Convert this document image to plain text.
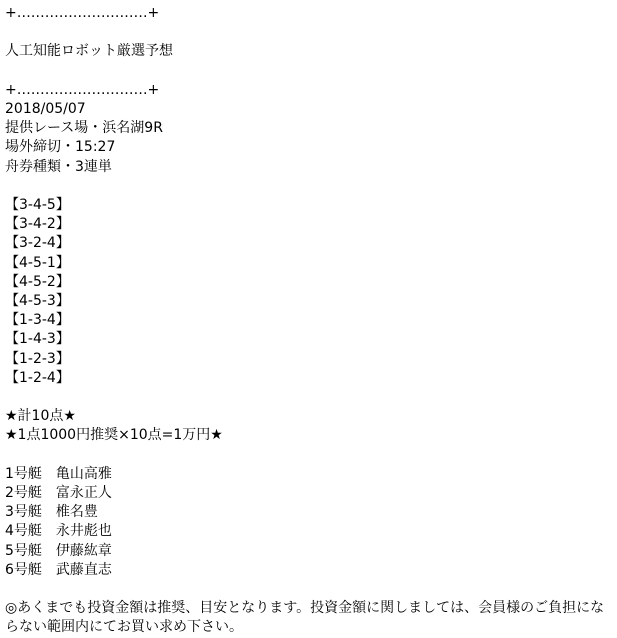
+‥‥‥‥‥‥‥‥‥‥‥‥‥‥+
人工知能ロボット厳選予想
+‥‥‥‥‥‥‥‥‥‥‥‥‥‥+
2018/05/07
提供レース場・浜名湖9R
場外締切・15:27
舟券種類・3連単
【3-4-5】
【3-4-2】
【3-2-4】
【4-5-1】
【4-5-2】
【4-5-3】
【1-3-4】
【1-4-3】
【1-2-3】
【1-2-4】
★計10点★
★1点1000円推奨×10点=1万円★
1号艇　亀山高雅
2号艇　富永正人
3号艇　椎名豊
4号艇　永井彪也
5号艇　伊藤紘章
6号艇　武藤直志
◎あくまでも投資金額は推奨、目安となります。投資金額に関しましては、会員様のご負担にならない範囲内にてお買い求め下さい。
